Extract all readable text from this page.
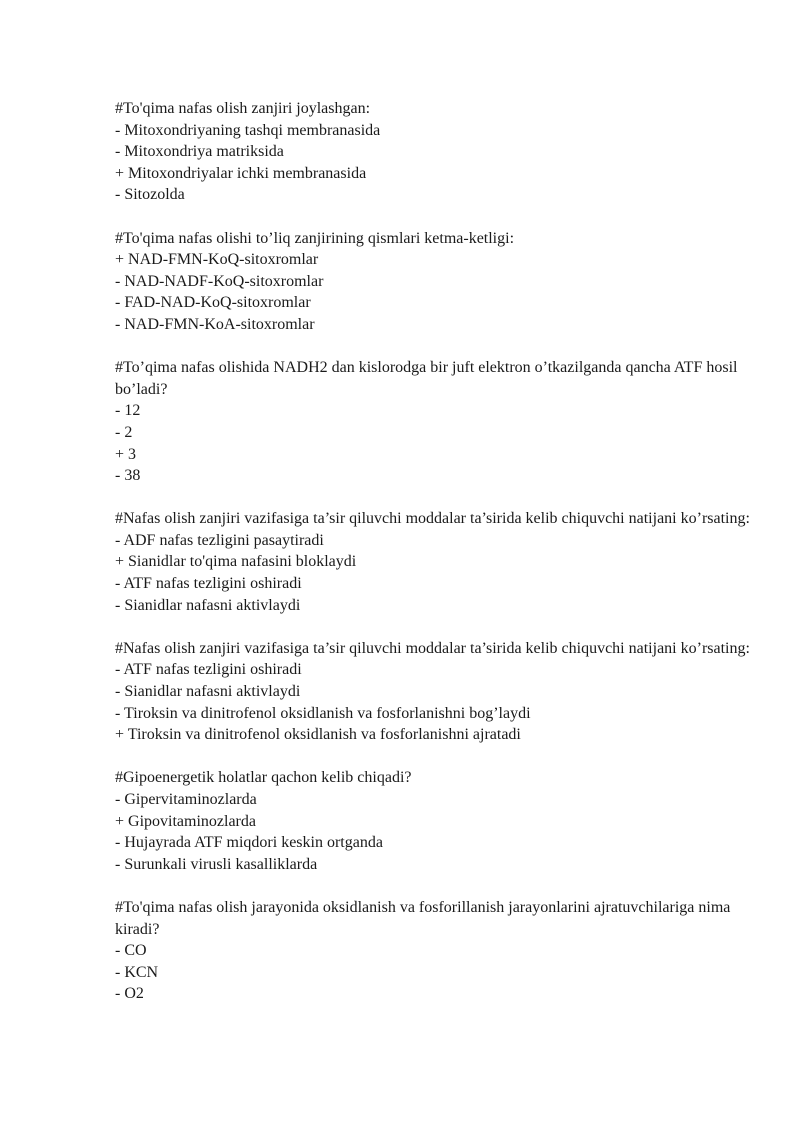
#To'qima nafas olish zanjiri joylashgan:
- Mitoxondriyaning tashqi membranasida
- Mitoxondriya matriksida
+ Mitoxondriyalar ichki membranasida
- Sitozolda
#To'qima nafas olishi to’liq zanjirining qismlari ketma-ketligi:
+ NAD-FMN-KoQ-sitoxromlar
- NAD-NADF-KoQ-sitoxromlar
- FAD-NAD-KoQ-sitoxromlar
- NAD-FMN-KoA-sitoxromlar
#To’qima nafas olishida NADH2 dan kislorodga bir juft elektron o’tkazilganda qancha ATF hosil bo’ladi?
- 12
- 2
+ 3
- 38
#Nafas olish zanjiri vazifasiga ta’sir qiluvchi moddalar ta’sirida kelib chiquvchi natijani ko’rsating:
- ADF nafas tezligini pasaytiradi
+ Sianidlar to'qima nafasini bloklaydi
- ATF nafas tezligini oshiradi
- Sianidlar nafasni aktivlaydi
#Nafas olish zanjiri vazifasiga ta’sir qiluvchi moddalar ta’sirida kelib chiquvchi natijani ko’rsating:
- ATF nafas tezligini oshiradi
- Sianidlar nafasni aktivlaydi
- Tiroksin va dinitrofenol oksidlanish va fosforlanishni bog’laydi
+ Tiroksin va dinitrofenol oksidlanish va fosforlanishni ajratadi
#Gipoenergetik holatlar qachon kelib chiqadi?
- Gipervitaminozlarda
+ Gipovitaminozlarda
- Hujayrada ATF miqdori keskin ortganda
- Surunkali virusli kasalliklarda
#To'qima nafas olish jarayonida oksidlanish va fosforillanish jarayonlarini ajratuvchilariga nima kiradi?
- CO
- KCN
- O2
